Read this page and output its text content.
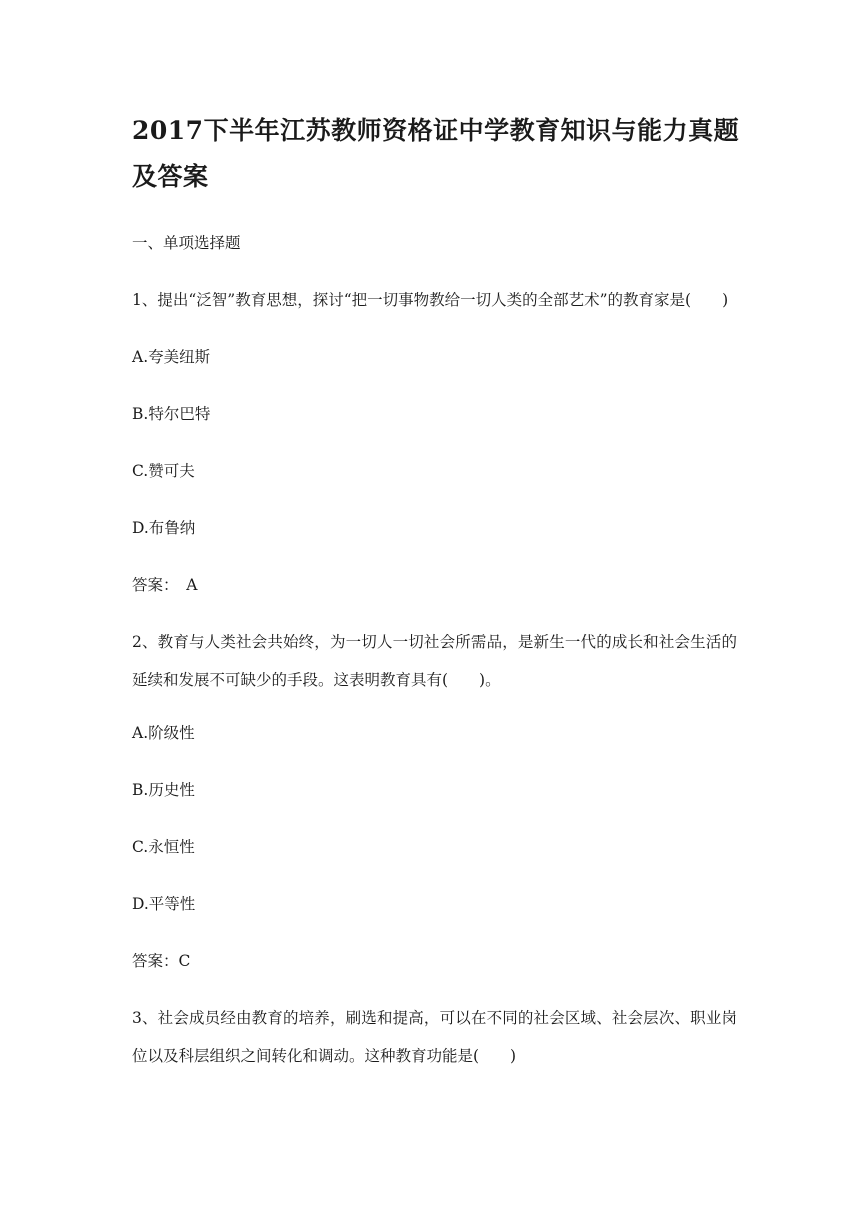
2017下半年江苏教师资格证中学教育知识与能力真题及答案

一、单项选择题

1、提出“泛智”教育思想，探讨“把一切事物教给一切人类的全部艺术”的教育家是(　　)

A.夸美纽斯

B.特尔巴特

C.赞可夫

D.布鲁纳

答案：　A

2、教育与人类社会共始终，为一切人一切社会所需品，是新生一代的成长和社会生活的延续和发展不可缺少的手段。这表明教育具有(　　)。

A.阶级性

B.历史性

C.永恒性

D.平等性

答案：C

3、社会成员经由教育的培养，刷选和提高，可以在不同的社会区域、社会层次、职业岗位以及科层组织之间转化和调动。这种教育功能是(　　)
